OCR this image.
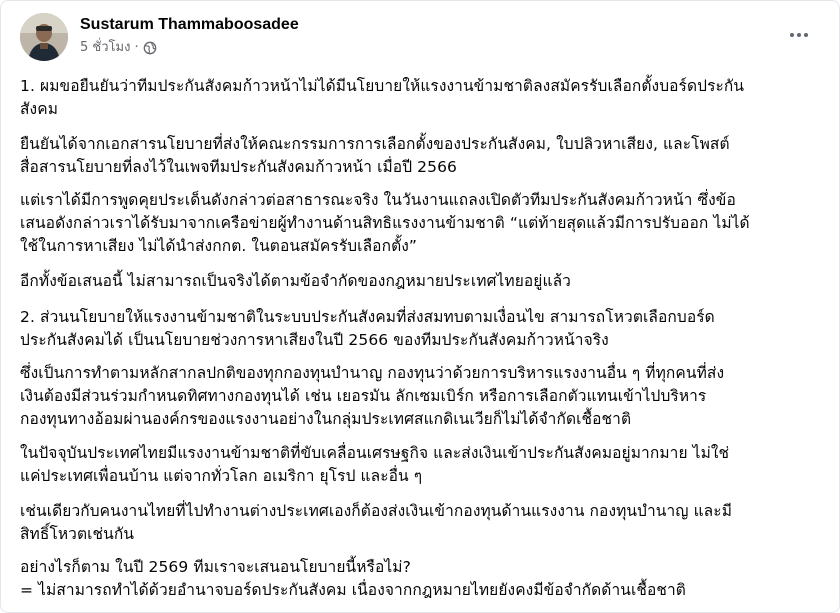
Sustarum Thammaboosadee
5 ชั่วโมง ·

1. ผมขอยืนยันว่าทีมประกันสังคมก้าวหน้าไม่ได้มีนโยบายให้แรงงานข้ามชาติลงสมัครรับเลือกตั้งบอร์ดประกัน
สังคม

ยืนยันได้จากเอกสารนโยบายที่ส่งให้คณะกรรมการการเลือกตั้งของประกันสังคม, ใบปลิวหาเสียง, และโพสต์
สื่อสารนโยบายที่ลงไว้ในเพจทีมประกันสังคมก้าวหน้า เมื่อปี 2566

แต่เราได้มีการพูดคุยประเด็นดังกล่าวต่อสาธารณะจริง ในวันงานแถลงเปิดตัวทีมประกันสังคมก้าวหน้า ซึ่งข้อ
เสนอดังกล่าวเราได้รับมาจากเครือข่ายผู้ทำงานด้านสิทธิแรงงานข้ามชาติ “แต่ท้ายสุดแล้วมีการปรับออก ไม่ได้
ใช้ในการหาเสียง ไม่ได้นำส่งกกต. ในตอนสมัครรับเลือกตั้ง”

อีกทั้งข้อเสนอนี้ ไม่สามารถเป็นจริงได้ตามข้อจำกัดของกฎหมายประเทศไทยอยู่แล้ว

2. ส่วนนโยบายให้แรงงานข้ามชาติในระบบประกันสังคมที่ส่งสมทบตามเงื่อนไข สามารถโหวตเลือกบอร์ด
ประกันสังคมได้ เป็นนโยบายช่วงการหาเสียงในปี 2566 ของทีมประกันสังคมก้าวหน้าจริง

ซึ่งเป็นการทำตามหลักสากลปกติของทุกกองทุนบำนาญ กองทุนว่าด้วยการบริหารแรงงานอื่น ๆ ที่ทุกคนที่ส่ง
เงินต้องมีส่วนร่วมกำหนดทิศทางกองทุนได้ เช่น เยอรมัน ลักเซมเบิร์ก หรือการเลือกตัวแทนเข้าไปบริหาร
กองทุนทางอ้อมผ่านองค์กรของแรงงานอย่างในกลุ่มประเทศสแกดิเนเวียก็ไม่ได้จำกัดเชื้อชาติ

ในปัจจุบันประเทศไทยมีแรงงานข้ามชาติที่ขับเคลื่อนเศรษฐกิจ และส่งเงินเข้าประกันสังคมอยู่มากมาย ไม่ใช่
แค่ประเทศเพื่อนบ้าน แต่จากทั่วโลก อเมริกา ยุโรป และอื่น ๆ

เช่นเดียวกับคนงานไทยที่ไปทำงานต่างประเทศเองก็ต้องส่งเงินเข้ากองทุนด้านแรงงาน กองทุนบำนาญ และมี
สิทธิ์โหวตเช่นกัน

อย่างไรก็ตาม ในปี 2569 ทีมเราจะเสนอนโยบายนี้หรือไม่?
= ไม่สามารถทำได้ด้วยอำนาจบอร์ดประกันสังคม เนื่องจากกฎหมายไทยยังคงมีข้อจำกัดด้านเชื้อชาติ
